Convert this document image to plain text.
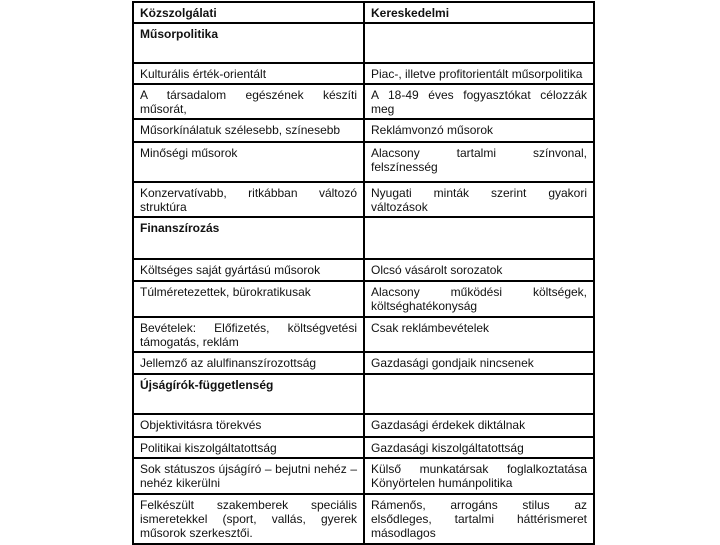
Közszolgálati	Kereskedelmi
Műsorpolitika	
Kulturális érték-orientált	Piac-, illetve profitorientált műsorpolitika
A társadalom egészének készíti műsorát,	A 18-49 éves fogyasztókat célozzák meg
Műsorkínálatuk szélesebb, színesebb	Reklámvonzó műsorok
Minőségi műsorok	Alacsony tartalmi színvonal, felszínesség
Konzervatívabb, ritkábban változó struktúra	Nyugati minták szerint gyakori változások
Finanszírozás	
Költséges saját gyártású műsorok	Olcsó vásárolt sorozatok
Túlméretezettek, bürokratikusak	Alacsony működési költségek, költséghatékonyság
Bevételek: Előfizetés, költségvetési támogatás, reklám	Csak reklámbevételek
Jellemző az alulfinanszírozottság	Gazdasági gondjaik nincsenek
Újságírók-függetlenség	
Objektivitásra törekvés	Gazdasági érdekek diktálnak
Politikai kiszolgáltatottság	Gazdasági kiszolgáltatottság
Sok státuszos újságíró – bejutni nehéz – nehéz kikerülni	Külső munkatársak foglalkoztatása Könyörtelen humánpolitika
Felkészült szakemberek speciális ismeretekkel (sport, vallás, gyerek műsorok szerkesztői.	Rámenős, arrogáns stilus az elsődleges, tartalmi háttérismeret másodlagos
